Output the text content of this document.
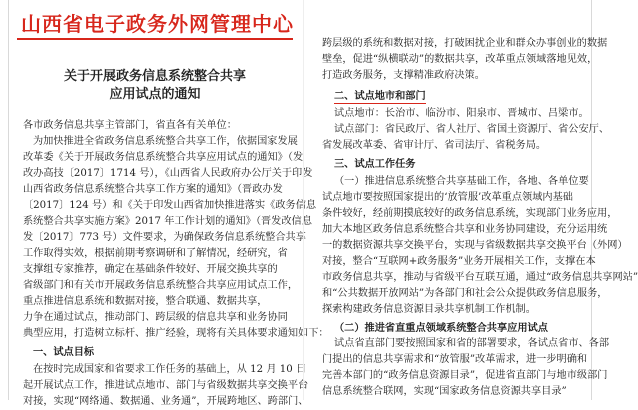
山西省电子政务外网管理中心
关于开展政务信息系统整合共享
应用试点的通知
各市政务信息共享主管部门，省直各有关单位：
为加快推进全省政务信息系统整合共享工作，依据国家发展
改革委《关于开展政务信息系统整合共享应用试点的通知》（发
改办高技〔2017〕1714 号），《山西省人民政府办公厅关于印发
山西省政务信息系统整合共享工作方案的通知》（晋政办发
〔2017〕124 号）和《关于印发山西省加快推进落实《政务信息
系统整合共享实施方案》2017 年工作计划的通知》（晋发改信息
发〔2017〕773 号）文件要求，为确保政务信息系统整合共享
工作取得实效，根据前期考察调研和了解情况，经研究，省
支撑组专家推荐，确定在基础条件较好、开展交换共享的
省级部门和有关市开展政务信息系统整合共享应用试点工作，
重点推进信息系统和数据对接，整合联通、数据共享，
力争在通过试点，推动部门、跨层级的信息共享和业务协同
典型应用，打造树立标杆、推广经验，现将有关具体要求通知如下：
一、试点目标
在按时完成国家和省要求工作任务的基础上，从 12 月 10 日
起开展试点工作，推进试点地市、部门与省级数据共享交换平台
对接，实现“网络通、数据通、业务通”，开展跨地区、跨部门、
跨层级的系统和数据对接，打破困扰企业和群众办事创业的数据
壁垒，促进“纵横联动”的数据共享，改革重点领域落地见效，
打造政务服务，支撑精准政府决策。
二、试点地市和部门
试点地市：长治市、临汾市、阳泉市、晋城市、吕梁市。
试点部门：省民政厅、省人社厅、省国土资源厅、省公安厅、
省发展改革委、省审计厅、省司法厅、省税务局。
三、试点工作任务
（一）推进信息系统整合共享基础工作，各地、各单位要
试点地市要按照国家提出的‘放管服’改革重点领域内基础
条件较好，经前期摸底较好的政务信息系统，实现部门业务应用，
加大本地区政务信息系统整合共享和业务协同建设，充分运用统
一的数据资源共享交换平台，实现与省级数据共享交换平台（外网）
对接，整合“互联网+政务服务”业务开展相关工作，支撑在本
市政务信息共享，推动与省级平台互联互通，通过“政务信息共享网站”
和“公共数据开放网站”为各部门和社会公众提供政务信息服务，
探索构建政务信息资源目录共享机制工作机制。
（二）推进省直重点领域系统整合共享应用试点
试点省直部门要按照国家和省的部署要求，各试点省市、各部
门提出的信息共享需求和“放管服”改革需求，进一步明确和
完善本部门的“政务信息资源目录”，促进省直部门与地市级部门
信息系统整合联网，实现“国家政务信息资源共享目录”
